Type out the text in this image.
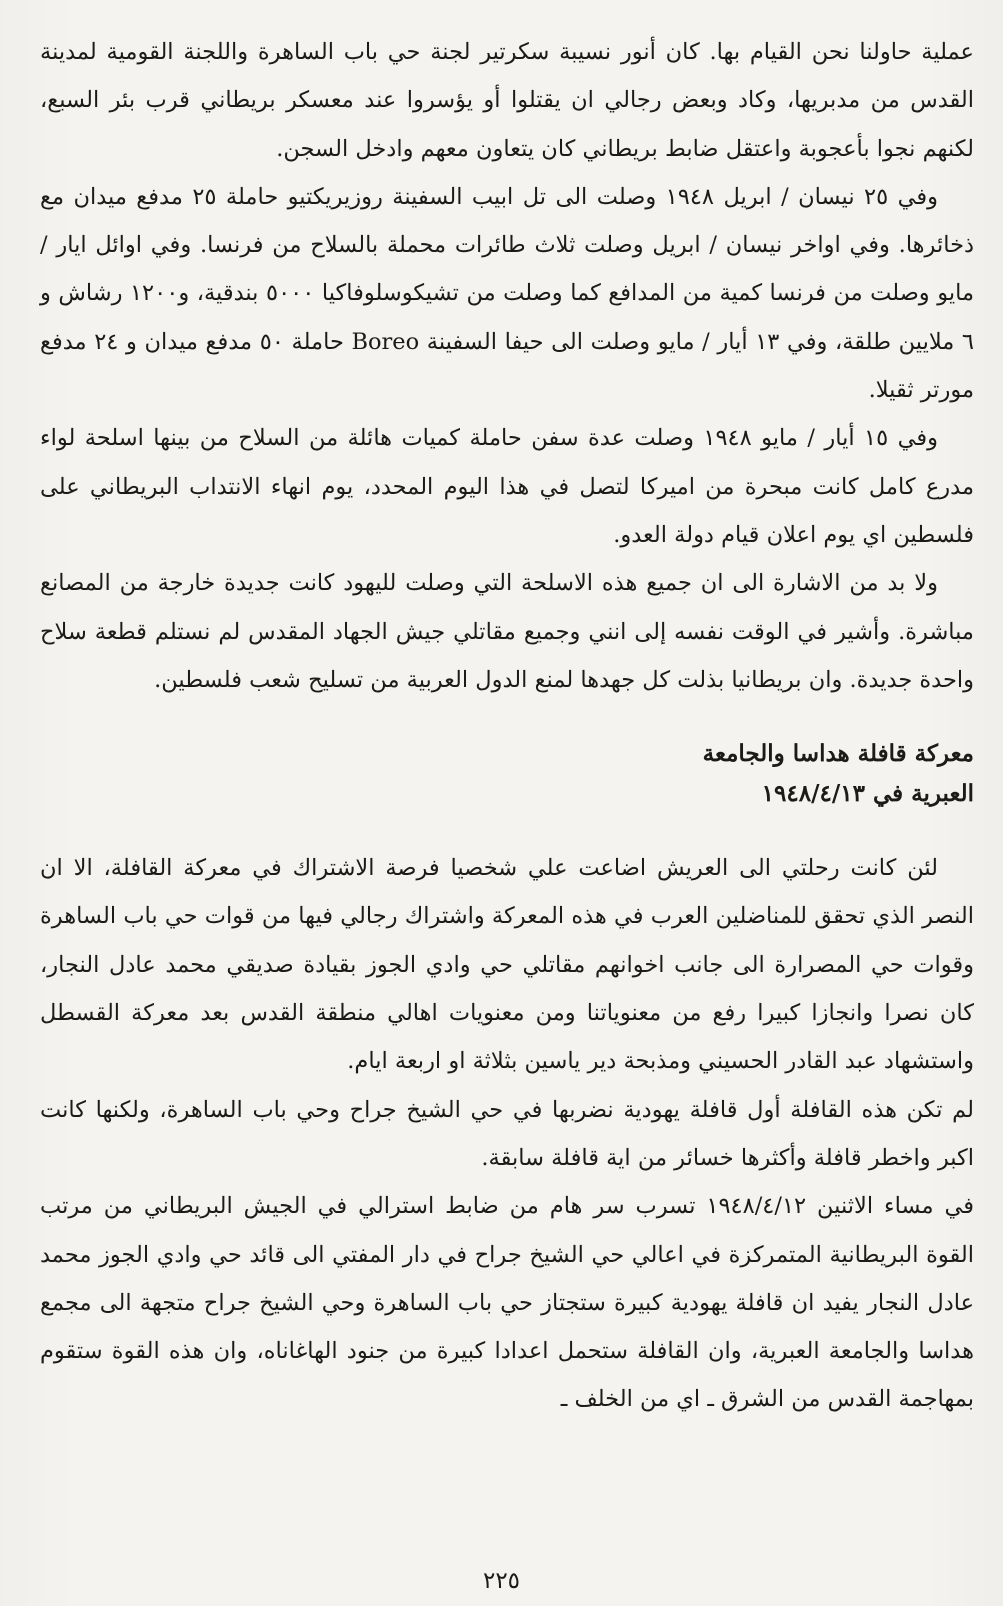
عملية حاولنا نحن القيام بها. كان أنور نسيبة سكرتير لجنة حي باب الساهرة واللجنة القومية لمدينة القدس من مدبريها، وكاد وبعض رجالي ان يقتلوا أو يؤسروا عند معسكر بريطاني قرب بئر السبع، لكنهم نجوا بأعجوبة واعتقل ضابط بريطاني كان يتعاون معهم وادخل السجن.

وفي ٢٥ نيسان / ابريل ١٩٤٨ وصلت الى تل ابيب السفينة روزيريكتيو حاملة ٢٥ مدفع ميدان مع ذخائرها. وفي اواخر نيسان / ابريل وصلت ثلاث طائرات محملة بالسلاح من فرنسا. وفي اوائل ايار / مايو وصلت من فرنسا كمية من المدافع كما وصلت من تشيكوسلوفاكيا ٥٠٠٠ بندقية، و١٢٠٠ رشاش و ٦ ملايين طلقة، وفي ١٣ أيار / مايو وصلت الى حيفا السفينة Boreo حاملة ٥٠ مدفع ميدان و ٢٤ مدفع مورتر ثقيلا.

وفي ١٥ أيار / مايو ١٩٤٨ وصلت عدة سفن حاملة كميات هائلة من السلاح من بينها اسلحة لواء مدرع كامل كانت مبحرة من اميركا لتصل في هذا اليوم المحدد، يوم انهاء الانتداب البريطاني على فلسطين اي يوم اعلان قيام دولة العدو.

ولا بد من الاشارة الى ان جميع هذه الاسلحة التي وصلت لليهود كانت جديدة خارجة من المصانع مباشرة. وأشير في الوقت نفسه إلى انني وجميع مقاتلي جيش الجهاد المقدس لم نستلم قطعة سلاح واحدة جديدة. وان بريطانيا بذلت كل جهدها لمنع الدول العربية من تسليح شعب فلسطين.

معركة قافلة هداسا والجامعة
العبرية في ١٩٤٨/٤/١٣

لئن كانت رحلتي الى العريش اضاعت علي شخصيا فرصة الاشتراك في معركة القافلة، الا ان النصر الذي تحقق للمناضلين العرب في هذه المعركة واشتراك رجالي فيها من قوات حي باب الساهرة وقوات حي المصرارة الى جانب اخوانهم مقاتلي حي وادي الجوز بقيادة صديقي محمد عادل النجار، كان نصرا وانجازا كبيرا رفع من معنوياتنا ومن معنويات اهالي منطقة القدس بعد معركة القسطل واستشهاد عبد القادر الحسيني ومذبحة دير ياسين بثلاثة او اربعة ايام.

لم تكن هذه القافلة أول قافلة يهودية نضربها في حي الشيخ جراح وحي باب الساهرة، ولكنها كانت اكبر واخطر قافلة وأكثرها خسائر من اية قافلة سابقة.

في مساء الاثنين ١٩٤٨/٤/١٢ تسرب سر هام من ضابط استرالي في الجيش البريطاني من مرتب القوة البريطانية المتمركزة في اعالي حي الشيخ جراح في دار المفتي الى قائد حي وادي الجوز محمد عادل النجار يفيد ان قافلة يهودية كبيرة ستجتاز حي باب الساهرة وحي الشيخ جراح متجهة الى مجمع هداسا والجامعة العبرية، وان القافلة ستحمل اعدادا كبيرة من جنود الهاغاناه، وان هذه القوة ستقوم بمهاجمة القدس من الشرق ـ اي من الخلف ـ

٢٢٥
